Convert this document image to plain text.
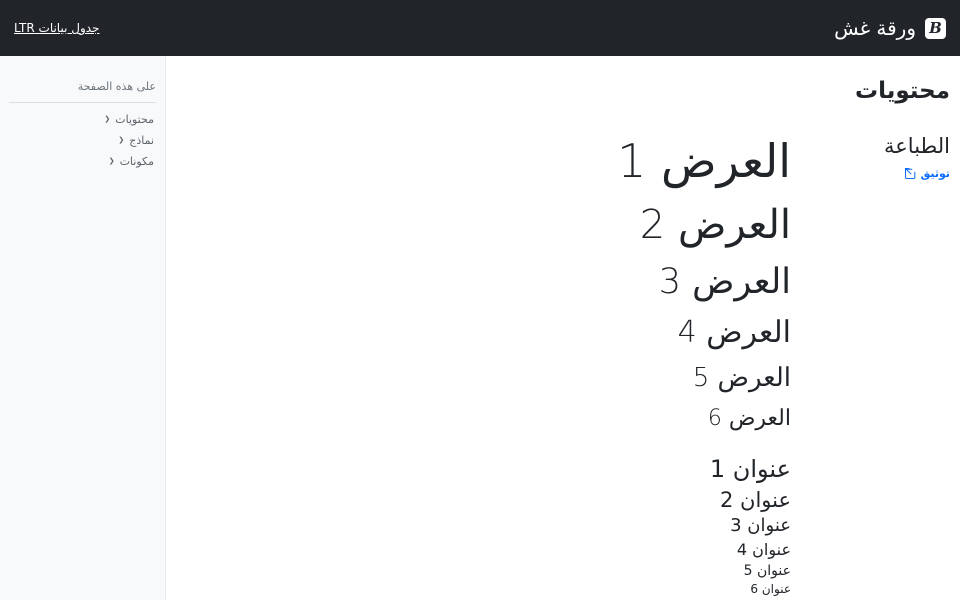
B
ورقة غش
جدول بيانات LTR
على هذه الصفحة
محتويات
❮
نماذج
❮
مكونات
❮
محتويات
الطباعة
توثيق

العرض 1

العرض 2

العرض 3

العرض 4

العرض 5

العرض 6

عنوان 1

عنوان 2

عنوان 3

عنوان 4

عنوان 5

عنوان 6
